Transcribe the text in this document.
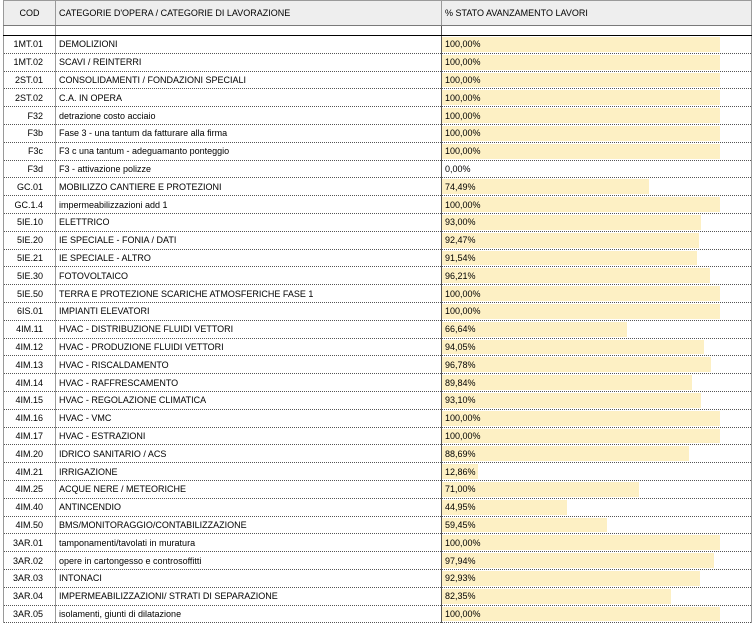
COD	CATEGORIE D'OPERA / CATEGORIE DI LAVORAZIONE	% STATO AVANZAMENTO LAVORI

1MT.01	DEMOLIZIONI	100,00%

1MT.02	SCAVI / REINTERRI	100,00%

2ST.01	CONSOLIDAMENTI / FONDAZIONI SPECIALI	100,00%

2ST.02	C.A. IN OPERA	100,00%

F32	detrazione costo acciaio	100,00%

F3b	Fase 3 - una tantum da fatturare alla firma	100,00%

F3c	F3 c una tantum - adeguamanto ponteggio	100,00%

F3d	F3 - attivazione polizze	0,00%

GC.01	MOBILIZZO CANTIERE E PROTEZIONI	74,49%

GC.1.4	impermeabilizzazioni add 1	100,00%

5IE.10	ELETTRICO	93,00%

5IE.20	IE SPECIALE - FONIA / DATI	92,47%

5IE.21	IE SPECIALE - ALTRO	91,54%

5IE.30	FOTOVOLTAICO	96,21%

5IE.50	TERRA E PROTEZIONE SCARICHE ATMOSFERICHE FASE 1	100,00%

6IS.01	IMPIANTI ELEVATORI	100,00%

4IM.11	HVAC - DISTRIBUZIONE FLUIDI VETTORI	66,64%

4IM.12	HVAC - PRODUZIONE FLUIDI VETTORI	94,05%

4IM.13	HVAC - RISCALDAMENTO	96,78%

4IM.14	HVAC - RAFFRESCAMENTO	89,84%

4IM.15	HVAC - REGOLAZIONE CLIMATICA	93,10%

4IM.16	HVAC - VMC	100,00%

4IM.17	HVAC - ESTRAZIONI	100,00%

4IM.20	IDRICO SANITARIO / ACS	88,69%

4IM.21	IRRIGAZIONE	12,86%

4IM.25	ACQUE NERE / METEORICHE	71,00%

4IM.40	ANTINCENDIO	44,95%

4IM.50	BMS/MONITORAGGIO/CONTABILIZZAZIONE	59,45%

3AR.01	tamponamenti/tavolati in muratura	100,00%

3AR.02	opere in cartongesso e controsoffitti	97,94%

3AR.03	INTONACI	92,93%

3AR.04	IMPERMEABILIZZAZIONI/ STRATI DI SEPARAZIONE	82,35%

3AR.05	isolamenti, giunti di dilatazione	100,00%
